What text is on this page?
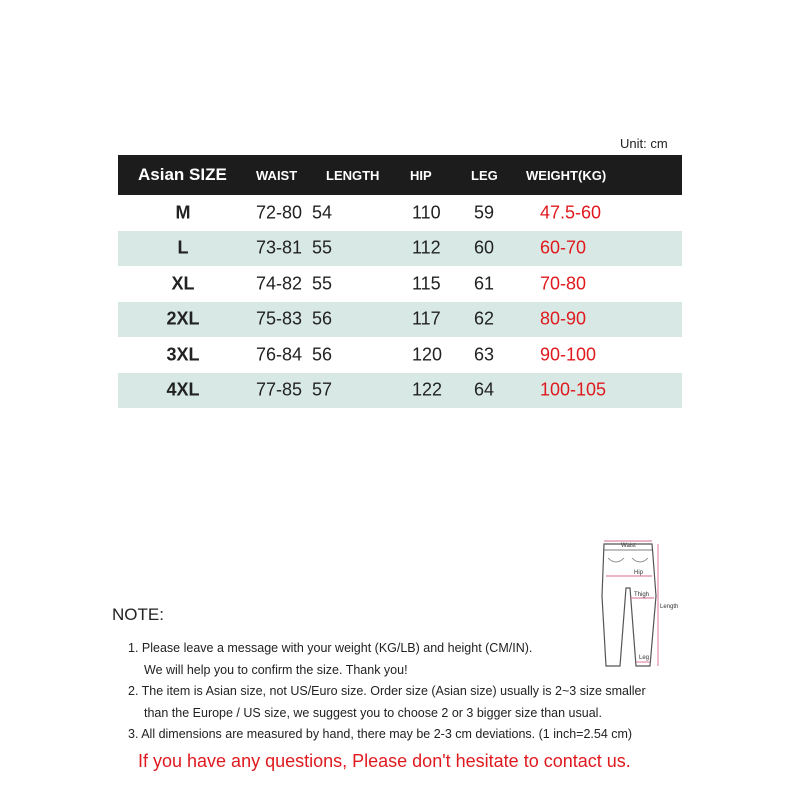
Unit: cm
Asian SIZE WAIST LENGTH HIP	LEG WEIGHT(KG)
M	72-80 54	110 59	47.5-60
L	73-81 55	112 60	60-70
XL	74-82 55	115 61	70-80
2XL	75-83 56	117 62	80-90
3XL	76-84 56	120 63	90-100
4XL	77-85 57	122 64	100-105
Waist
Hip
Thigh
Length
Leg
NOTE:
1. Please leave a message with your weight (KG/LB) and height (CM/IN).
We will help you to confirm the size. Thank you!
2. The item is Asian size, not US/Euro size. Order size (Asian size) usually is 2~3 size smaller
than the Europe / US size, we suggest you to choose 2 or 3 bigger size than usual.
3. All dimensions are measured by hand, there may be 2-3 cm deviations. (1 inch=2.54 cm)
If you have any questions, Please don't hesitate to contact us.
